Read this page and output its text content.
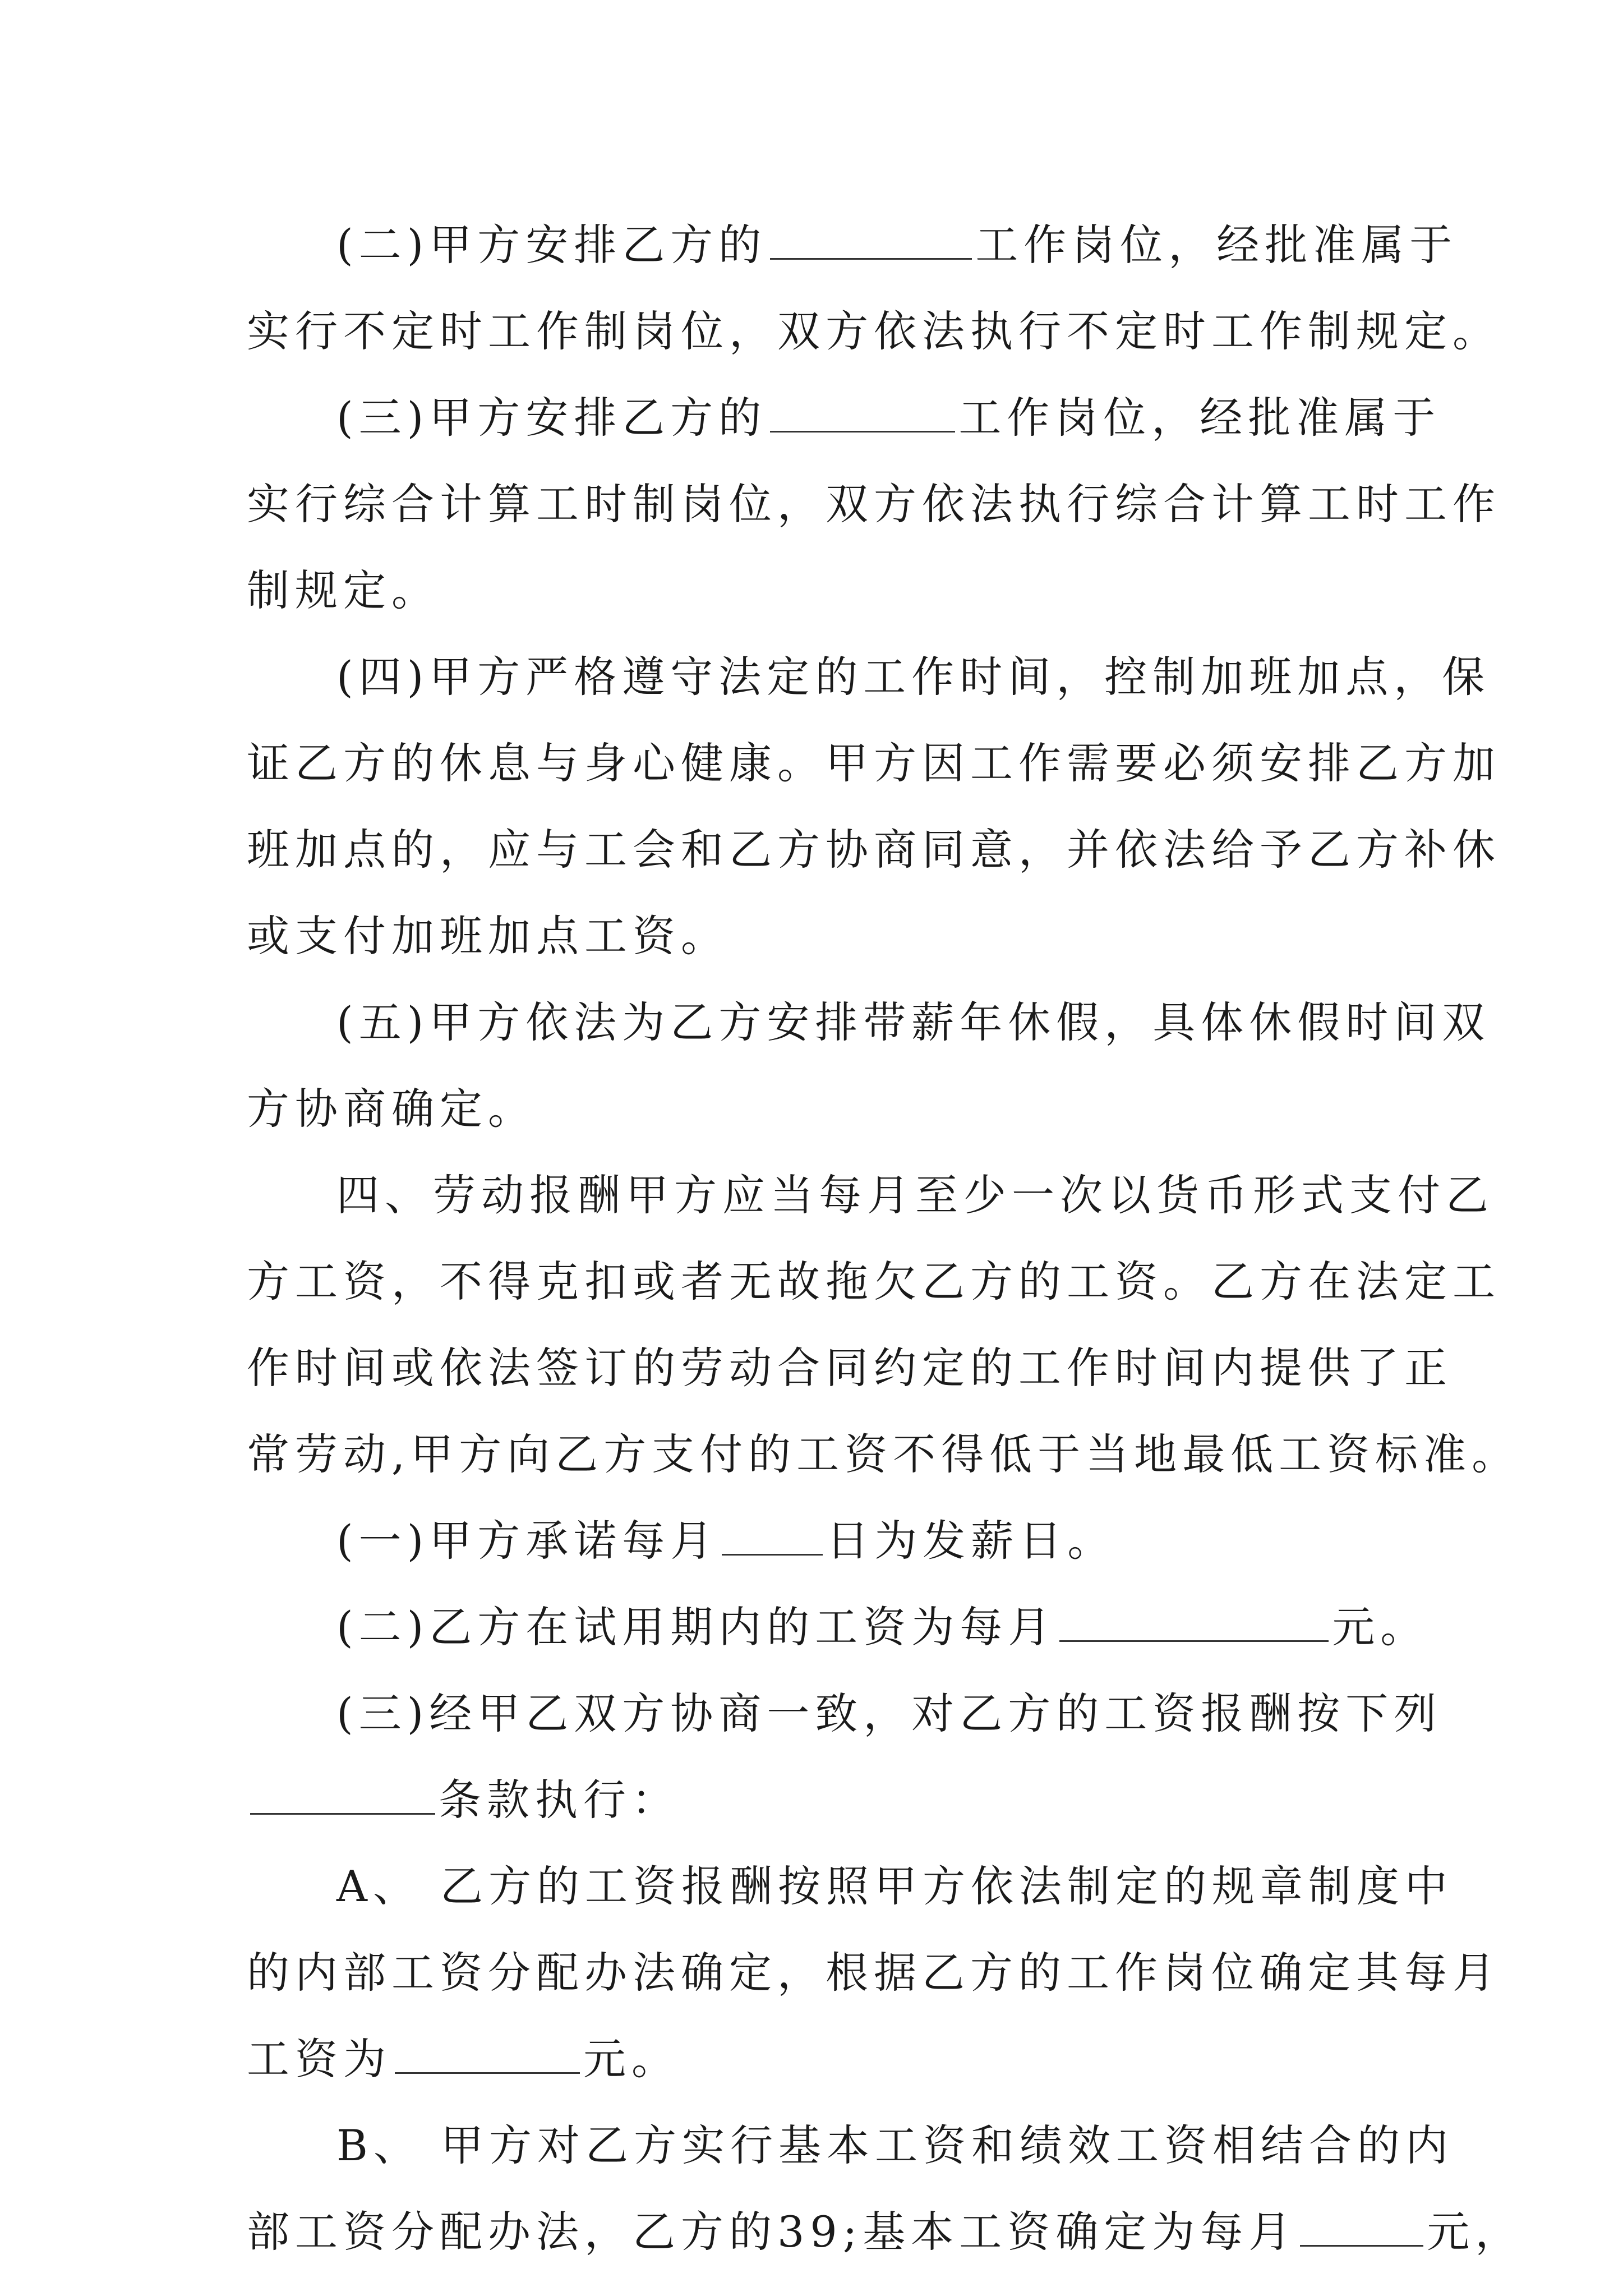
(二)甲方安排乙方的	工作岗位，经批准属于
实行不定时工作制岗位，双方依法执行不定时工作制规定。
(三)甲方安排乙方的	工作岗位，经批准属于
实行综合计算工时制岗位，双方依法执行综合计算工时工作
制规定。
(四)甲方严格遵守法定的工作时间，控制加班加点，保
证乙方的休息与身心健康。甲方因工作需要必须安排乙方加
班加点的，应与工会和乙方协商同意，并依法给予乙方补休
或支付加班加点工资。
(五)甲方依法为乙方安排带薪年休假，具体休假时间双
方协商确定。
四、劳动报酬甲方应当每月至少一次以货币形式支付乙
方工资，不得克扣或者无故拖欠乙方的工资。乙方在法定工
作时间或依法签订的劳动合同约定的工作时间内提供了正
常劳动,甲方向乙方支付的工资不得低于当地最低工资标准。
(一)甲方承诺每月	日为发薪日。
(二)乙方在试用期内的工资为每月	元。
(三)经甲乙双方协商一致，对乙方的工资报酬按下列
条款执行：
A、 乙方的工资报酬按照甲方依法制定的规章制度中
的内部工资分配办法确定，根据乙方的工作岗位确定其每月
工资为	元。
B、 甲方对乙方实行基本工资和绩效工资相结合的内
部工资分配办法，乙方的39;基本工资确定为每月	元，
